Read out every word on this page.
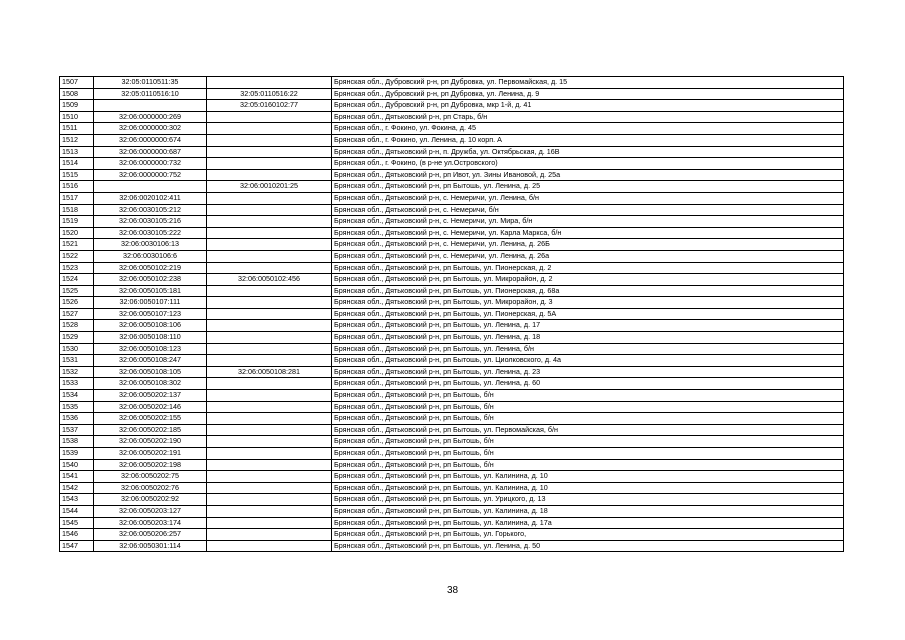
1507	32:05:0110511:35		Брянская обл., Дубровский р-н, рп Дубровка, ул. Первомайская, д. 15
1508	32:05:0110516:10	32:05:0110516:22	Брянская обл., Дубровский р-н, рп Дубровка, ул. Ленина, д. 9
1509		32:05:0160102:77	Брянская обл., Дубровский р-н, рп Дубровка, мкр 1-й, д. 41
1510	32:06:0000000:269		Брянская обл., Дятьковский р-н, рп Старь, б/н
1511	32:06:0000000:302		Брянская обл., г. Фокино, ул. Фокина, д. 45
1512	32:06:0000000:674		Брянская обл., г. Фокино, ул. Ленина, д. 10 корп. А
1513	32:06:0000000:687		Брянская обл., Дятьковский р-н, п. Дружба, ул. Октябрьская, д. 16В
1514	32:06:0000000:732		Брянская обл., г. Фокино, (в р-не ул.Островского)
1515	32:06:0000000:752		Брянская обл., Дятьковский р-н, рп Ивот, ул. Зины Ивановой, д. 25а
1516		32:06:0010201:25	Брянская обл., Дятьковский р-н, рп Бытошь, ул. Ленина, д. 25
1517	32:06:0020102:411		Брянская обл., Дятьковский р-н, с. Немеричи, ул. Ленина, б/н
1518	32:06:0030105:212		Брянская обл., Дятьковский р-н, с. Немеричи, б/н
1519	32:06:0030105:216		Брянская обл., Дятьковский р-н, с. Немеричи, ул. Мира, б/н
1520	32:06:0030105:222		Брянская обл., Дятьковский р-н, с. Немеричи, ул. Карла Маркса, б/н
1521	32:06:0030106:13		Брянская обл., Дятьковский р-н, с. Немеричи, ул. Ленина, д. 26Б
1522	32:06:0030106:6		Брянская обл., Дятьковский р-н, с. Немеричи, ул. Ленина, д. 26а
1523	32:06:0050102:219		Брянская обл., Дятьковский р-н, рп Бытошь, ул. Пионерская, д. 2
1524	32:06:0050102:238	32:06:0050102:456	Брянская обл., Дятьковский р-н, рп Бытошь, ул. Микрорайон, д. 2
1525	32:06:0050105:181		Брянская обл., Дятьковский р-н, рп Бытошь, ул. Пионерская, д. 68а
1526	32:06:0050107:111		Брянская обл., Дятьковский р-н, рп Бытошь, ул. Микрорайон, д. 3
1527	32:06:0050107:123		Брянская обл., Дятьковский р-н, рп Бытошь, ул. Пионерская, д. 5А
1528	32:06:0050108:106		Брянская обл., Дятьковский р-н, рп Бытошь, ул. Ленина, д. 17
1529	32:06:0050108:110		Брянская обл., Дятьковский р-н, рп Бытошь, ул. Ленина, д. 18
1530	32:06:0050108:123		Брянская обл., Дятьковский р-н, рп Бытошь, ул. Ленина, б/н
1531	32:06:0050108:247		Брянская обл., Дятьковский р-н, рп Бытошь, ул. Циолковского, д. 4а
1532	32:06:0050108:105	32:06:0050108:281	Брянская обл., Дятьковский р-н, рп Бытошь, ул. Ленина, д. 23
1533	32:06:0050108:302		Брянская обл., Дятьковский р-н, рп Бытошь, ул. Ленина, д. 60
1534	32:06:0050202:137		Брянская обл., Дятьковский р-н, рп Бытошь, б/н
1535	32:06:0050202:146		Брянская обл., Дятьковский р-н, рп Бытошь, б/н
1536	32:06:0050202:155		Брянская обл., Дятьковский р-н, рп Бытошь, б/н
1537	32:06:0050202:185		Брянская обл., Дятьковский р-н, рп Бытошь, ул. Первомайская, б/н
1538	32:06:0050202:190		Брянская обл., Дятьковский р-н, рп Бытошь, б/н
1539	32:06:0050202:191		Брянская обл., Дятьковский р-н, рп Бытошь, б/н
1540	32:06:0050202:198		Брянская обл., Дятьковский р-н, рп Бытошь, б/н
1541	32:06:0050202:75		Брянская обл., Дятьковский р-н, рп Бытошь, ул. Калинина, д. 10
1542	32:06:0050202:76		Брянская обл., Дятьковский р-н, рп Бытошь, ул. Калинина, д. 10
1543	32:06:0050202:92		Брянская обл., Дятьковский р-н, рп Бытошь, ул. Урицкого, д. 13
1544	32:06:0050203:127		Брянская обл., Дятьковский р-н, рп Бытошь, ул. Калинина, д. 18
1545	32:06:0050203:174		Брянская обл., Дятьковский р-н, рп Бытошь, ул. Калинина, д. 17а
1546	32:06:0050206:257		Брянская обл., Дятьковский р-н, рп Бытошь, ул. Горького,
1547	32:06:0050301:114		Брянская обл., Дятьковский р-н, рп Бытошь, ул. Ленина, д. 50
38
